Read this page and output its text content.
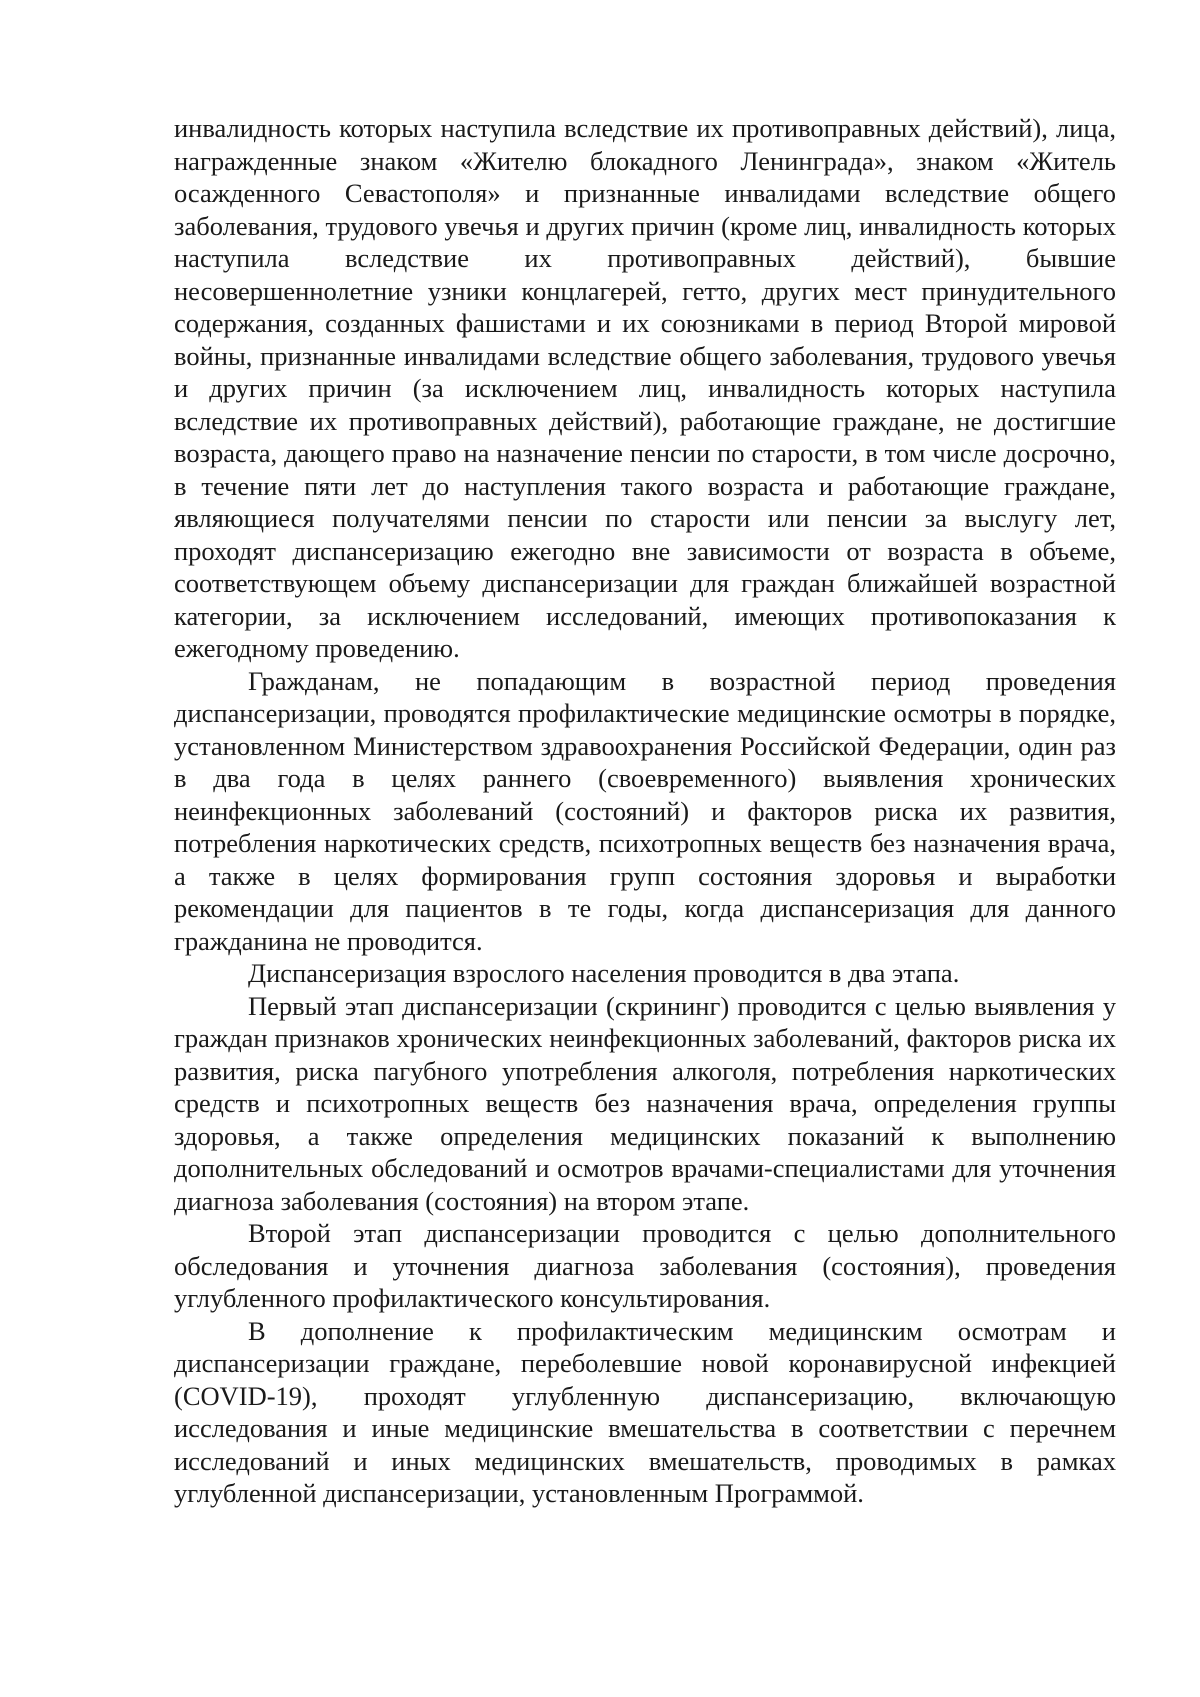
инвалидность которых наступила вследствие их противоправных действий), лица, награжденные знаком «Жителю блокадного Ленинграда», знаком «Житель осажденного Севастополя» и признанные инвалидами вследствие общего заболевания, трудового увечья и других причин (кроме лиц, инвалидность которых наступила вследствие их противоправных действий), бывшие несовершеннолетние узники концлагерей, гетто, других мест принудительного содержания, созданных фашистами и их союзниками в период Второй мировой войны, признанные инвалидами вследствие общего заболевания, трудового увечья и других причин (за исключением лиц, инвалидность которых наступила вследствие их противоправных действий), работающие граждане, не достигшие возраста, дающего право на назначение пенсии по старости, в том числе досрочно, в течение пяти лет до наступления такого возраста и работающие граждане, являющиеся получателями пенсии по старости или пенсии за выслугу лет, проходят диспансеризацию ежегодно вне зависимости от возраста в объеме, соответствующем объему диспансеризации для граждан ближайшей возрастной категории, за исключением исследований, имеющих противопоказания к ежегодному проведению.

Гражданам, не попадающим в возрастной период проведения диспансеризации, проводятся профилактические медицинские осмотры в порядке, установленном Министерством здравоохранения Российской Федерации, один раз в два года в целях раннего (своевременного) выявления хронических неинфекционных заболеваний (состояний) и факторов риска их развития, потребления наркотических средств, психотропных веществ без назначения врача, а также в целях формирования групп состояния здоровья и выработки рекомендации для пациентов в те годы, когда диспансеризация для данного гражданина не проводится.

Диспансеризация взрослого населения проводится в два этапа.

Первый этап диспансеризации (скрининг) проводится с целью выявления у граждан признаков хронических неинфекционных заболеваний, факторов риска их развития, риска пагубного употребления алкоголя, потребления наркотических средств и психотропных веществ без назначения врача, определения группы здоровья, а также определения медицинских показаний к выполнению дополнительных обследований и осмотров врачами-специалистами для уточнения диагноза заболевания (состояния) на втором этапе.

Второй этап диспансеризации проводится с целью дополнительного обследования и уточнения диагноза заболевания (состояния), проведения углубленного профилактического консультирования.

В дополнение к профилактическим медицинским осмотрам и диспансеризации граждане, переболевшие новой коронавирусной инфекцией (COVID-19), проходят углубленную диспансеризацию, включающую исследования и иные медицинские вмешательства в соответствии с перечнем исследований и иных медицинских вмешательств, проводимых в рамках углубленной диспансеризации, установленным Программой.
